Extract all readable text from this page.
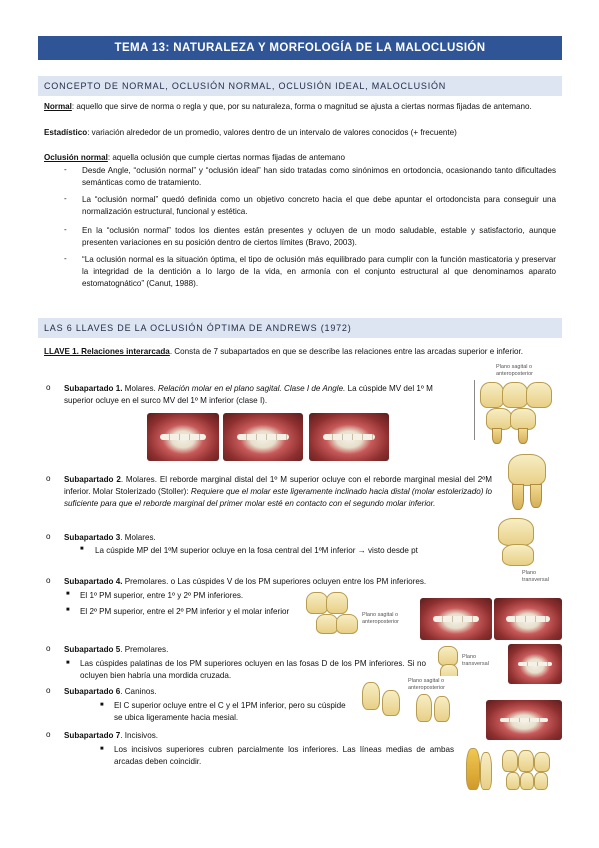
TEMA 13: NATURALEZA Y MORFOLOGÍA DE LA MALOCLUSIÓN
CONCEPTO DE NORMAL, OCLUSIÓN NORMAL, OCLUSIÓN IDEAL, MALOCLUSIÓN
Normal: aquello que sirve de norma o regla y que, por su naturaleza, forma o magnitud se ajusta a ciertas normas fijadas de antemano.
Estadístico: variación alrededor de un promedio, valores dentro de un intervalo de valores conocidos (+ frecuente)
Oclusión normal: aquella oclusión que cumple ciertas normas fijadas de antemano
- Desde Angle, “oclusión normal” y “oclusión ideal” han sido tratadas como sinónimos en ortodoncia, ocasionando tanto dificultades semánticas como de tratamiento.
- La “oclusión normal” quedó definida como un objetivo concreto hacia el que debe apuntar el ortodoncista para conseguir una normalización estructural, funcional y estética.
- En la “oclusión normal” todos los dientes están presentes y ocluyen de un modo saludable, estable y satisfactorio, aunque presenten variaciones en su posición dentro de ciertos límites (Bravo, 2003).
- “La oclusión normal es la situación óptima, el tipo de oclusión más equilibrado para cumplir con la función masticatoria y preservar la integridad de la dentición a lo largo de la vida, en armonía con el conjunto estructural al que denominamos aparato estomatognático” (Canut, 1988).
LAS 6 LLAVES DE LA OCLUSIÓN ÓPTIMA DE ANDREWS (1972)
LLAVE 1. Relaciones interarcada. Consta de 7 subapartados en que se describe las relaciones entre las arcadas superior e inferior.
o Subapartado 1. Molares. Relación molar en el plano sagital. Clase I de Angle. La cúspide MV del 1º M superior ocluye en el surco MV del 1º M inferior (clase I).
Plano sagital o anteroposterior
o Subapartado 2. Molares. El reborde marginal distal del 1º M superior ocluye con el reborde marginal mesial del 2ºM inferior. Molar Stolerizado (Stoller): Requiere que el molar este ligeramente inclinado hacia distal (molar estolerizado) lo suficiente para que el reborde marginal del primer molar esté en contacto con el segundo molar inferior.
o Subapartado 3. Molares.
■ La cúspide MP del 1ºM superior ocluye en la fosa central del 1ºM inferior → visto desde pt
Plano transversal
o Subapartado 4. Premolares. o Las cúspides V de los PM superiores ocluyen entre los PM inferiores.
■ El 1º PM superior, entre 1º y 2º PM inferiores.
■ El 2º PM superior, entre el 2º PM inferior y el molar inferior	Plano sagital o anteroposterior
o Subapartado 5. Premolares.
■ Las cúspides palatinas de los PM superiores ocluyen en las fosas D de los PM inferiores. Si no ocluyen bien habría una mordida cruzada.
Plano transversal
o Subapartado 6. Caninos.
■ El C superior ocluye entre el C y el 1PM inferior, pero su cúspide se ubica ligeramente hacia mesial.
Plano sagital o anteroposterior
o Subapartado 7. Incisivos.
■ Los incisivos superiores cubren parcialmente los inferiores. Las líneas medias de ambas arcadas deben coincidir.
